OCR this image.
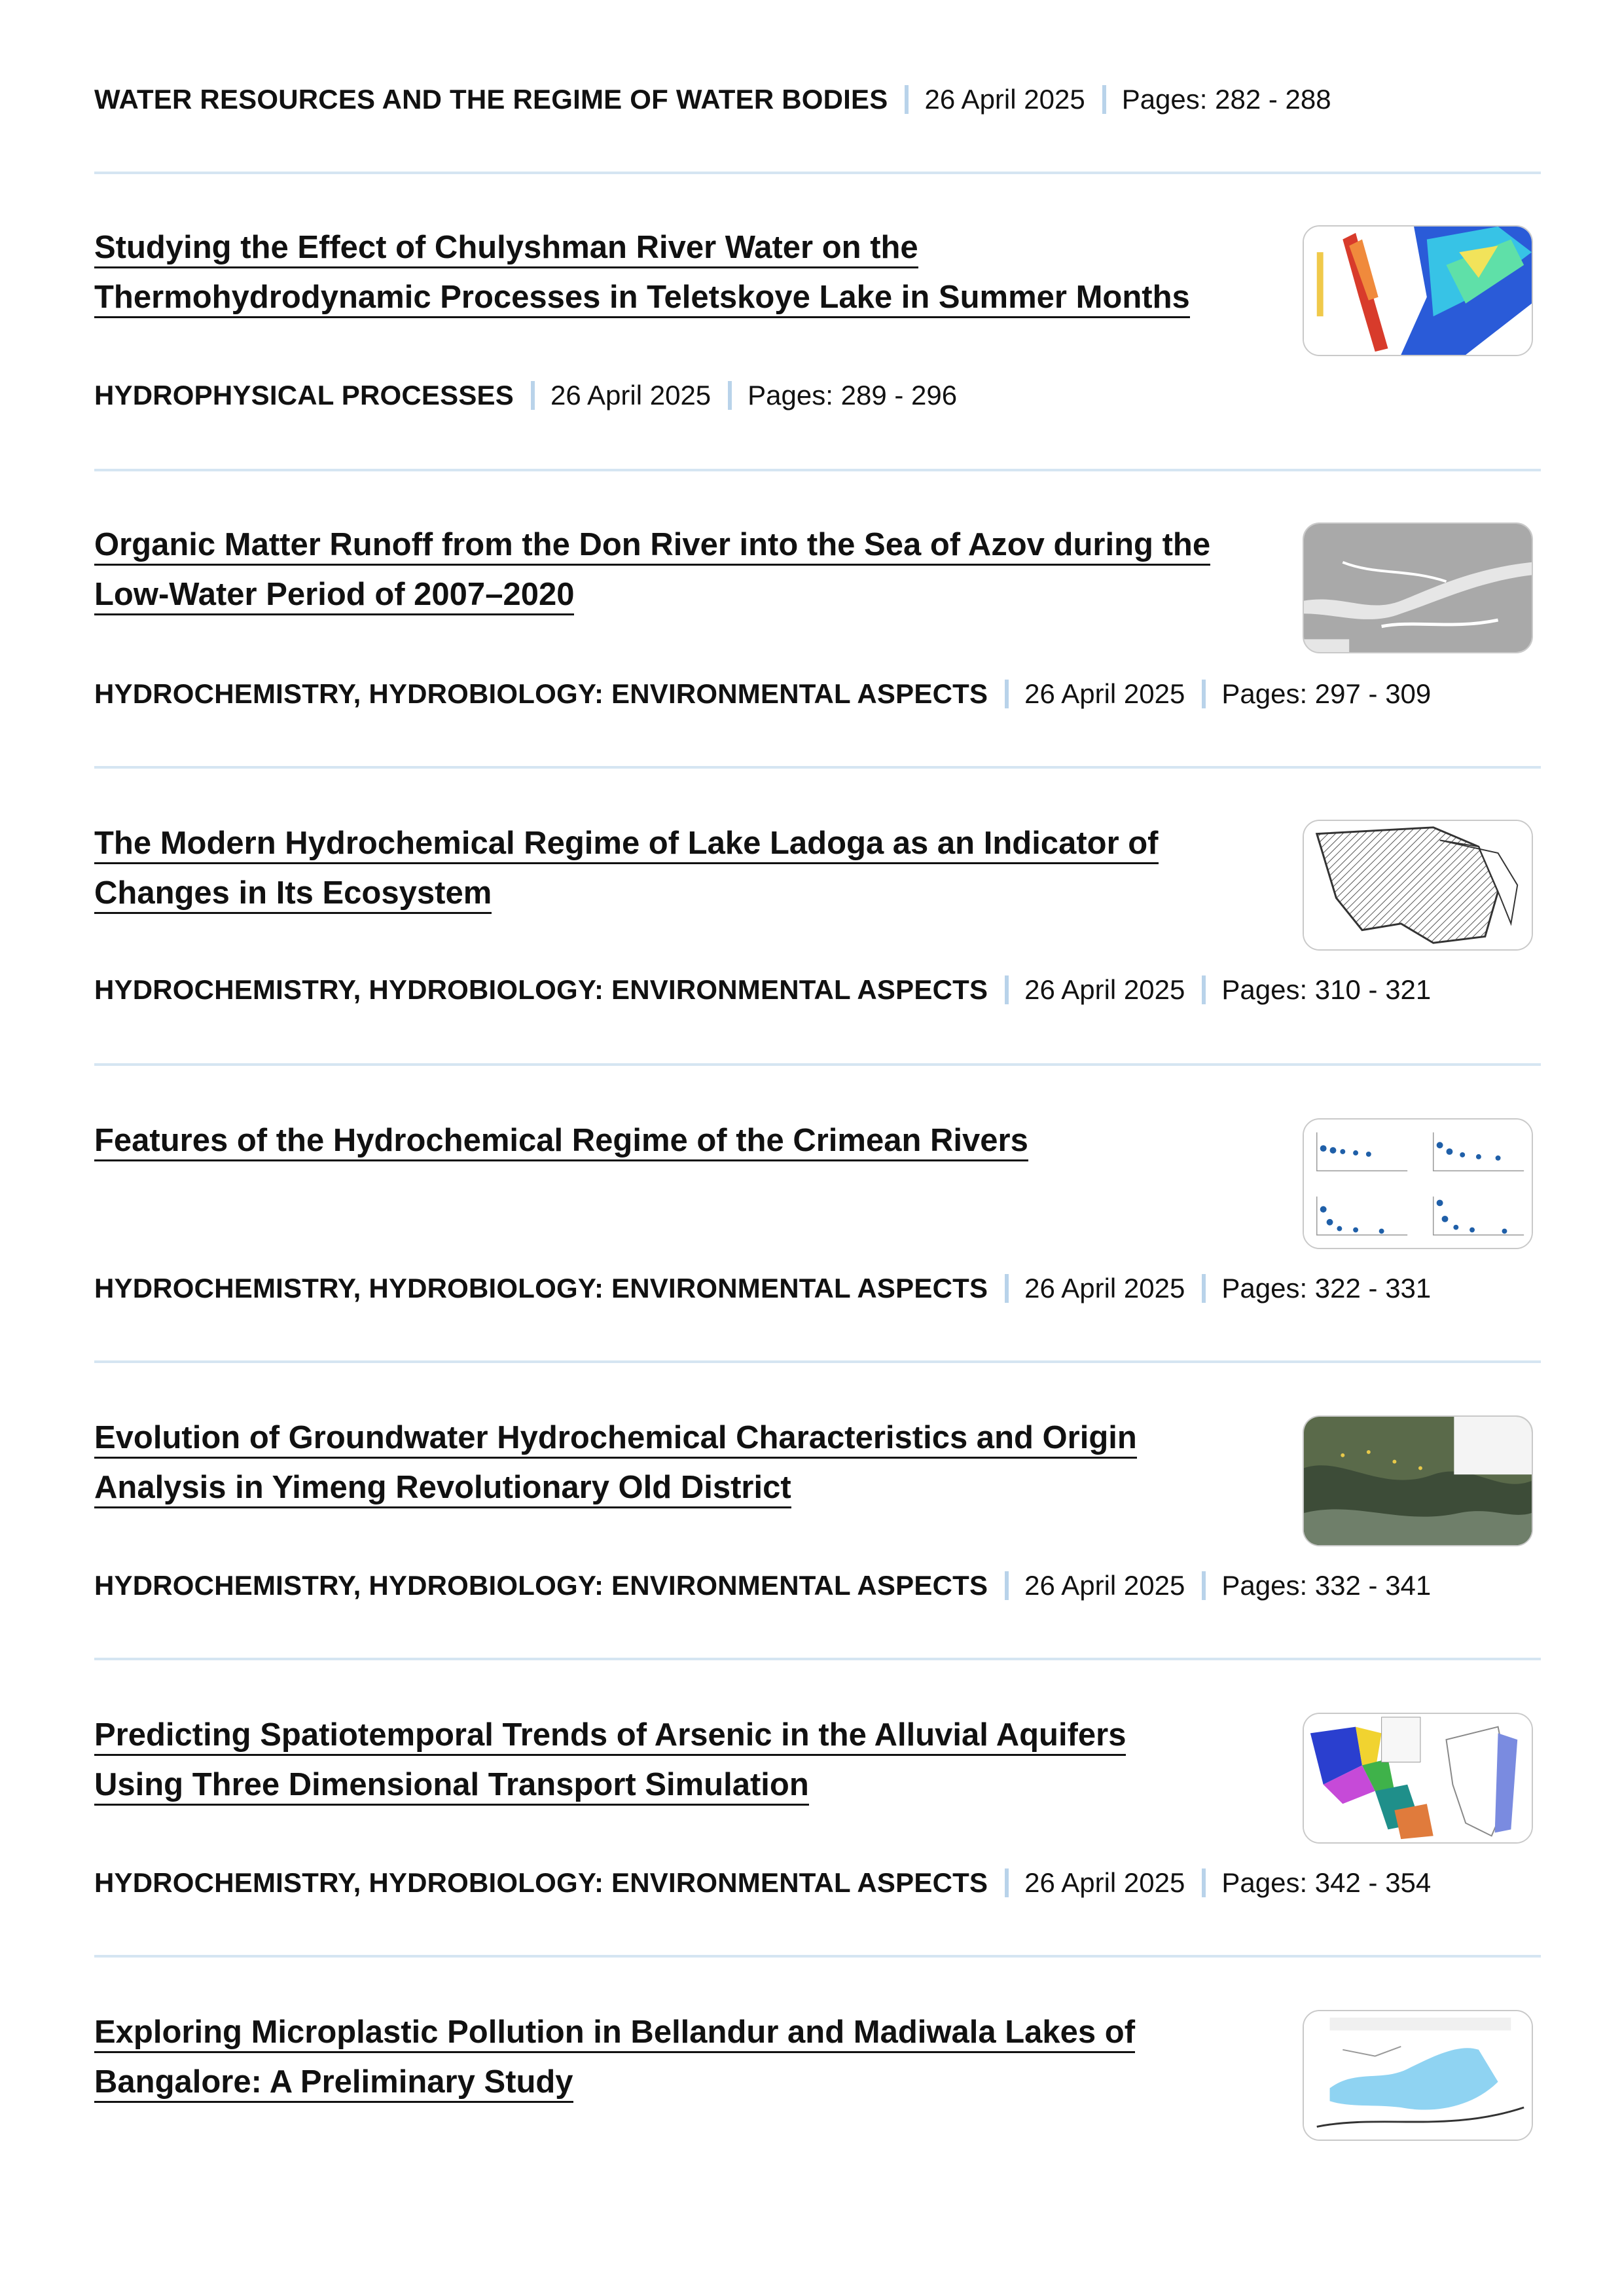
WATER RESOURCES AND THE REGIME OF WATER BODIES 26 April 2025 Pages: 282 - 288
Studying the Effect of Chulyshman River Water on the
Thermohydrodynamic Processes in Teletskoye Lake in Summer Months
HYDROPHYSICAL PROCESSES 26 April 2025 Pages: 289 - 296
Organic Matter Runoff from the Don River into the Sea of Azov during the
Low-Water Period of 2007–2020
HYDROCHEMISTRY, HYDROBIOLOGY: ENVIRONMENTAL ASPECTS 26 April 2025 Pages: 297 - 309
The Modern Hydrochemical Regime of Lake Ladoga as an Indicator of
Changes in Its Ecosystem
HYDROCHEMISTRY, HYDROBIOLOGY: ENVIRONMENTAL ASPECTS 26 April 2025 Pages: 310 - 321
Features of the Hydrochemical Regime of the Crimean Rivers
HYDROCHEMISTRY, HYDROBIOLOGY: ENVIRONMENTAL ASPECTS 26 April 2025 Pages: 322 - 331
Evolution of Groundwater Hydrochemical Characteristics and Origin
Analysis in Yimeng Revolutionary Old District
HYDROCHEMISTRY, HYDROBIOLOGY: ENVIRONMENTAL ASPECTS 26 April 2025 Pages: 332 - 341
Predicting Spatiotemporal Trends of Arsenic in the Alluvial Aquifers
Using Three Dimensional Transport Simulation
HYDROCHEMISTRY, HYDROBIOLOGY: ENVIRONMENTAL ASPECTS 26 April 2025 Pages: 342 - 354
Exploring Microplastic Pollution in Bellandur and Madiwala Lakes of
Bangalore: A Preliminary Study
